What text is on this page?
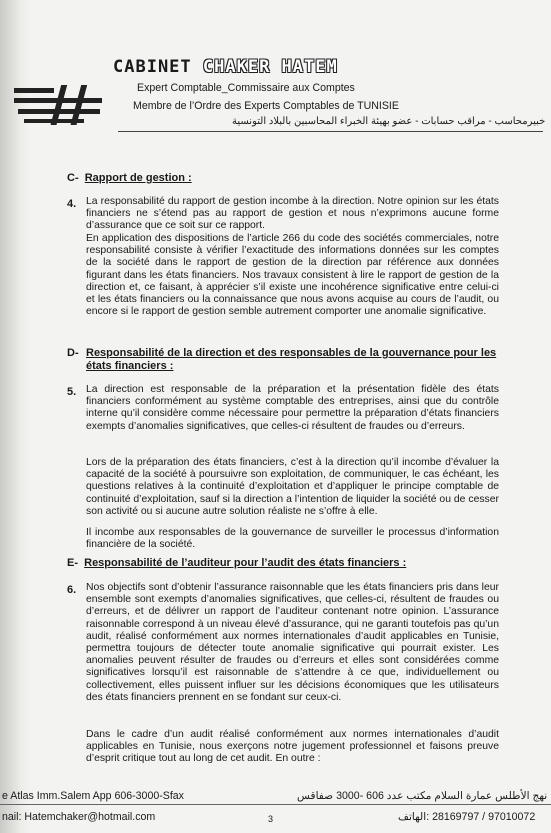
CABINET CHAKER HATEM
Expert Comptable_Commissaire aux Comptes
Membre de l’Ordre des Experts Comptables de TUNISIE
خبيرمحاسب - مراقب حسابات - عضو بهيئة الخبراء المحاسبين بالبلاد التونسية
C- Rapport de gestion :
4. La responsabilité du rapport de gestion incombe à la direction. Notre opinion sur les états financiers ne s’étend pas au rapport de gestion et nous n’exprimons aucune forme d’assurance que ce soit sur ce rapport.
En application des dispositions de l’article 266 du code des sociétés commerciales, notre responsabilité consiste à vérifier l’exactitude des informations données sur les comptes de la société dans le rapport de gestion de la direction par référence aux données figurant dans les états financiers. Nos travaux consistent à lire le rapport de gestion de la direction et, ce faisant, à apprécier s’il existe une incohérence significative entre celui-ci et les états financiers ou la connaissance que nous avons acquise au cours de l’audit, ou encore si le rapport de gestion semble autrement comporter une anomalie significative.
D- Responsabilité de la direction et des responsables de la gouvernance pour les états financiers :
5. La direction est responsable de la préparation et la présentation fidèle des états financiers conformément au système comptable des entreprises, ainsi que du contrôle interne qu’il considère comme nécessaire pour permettre la préparation d’états financiers exempts d’anomalies significatives, que celles-ci résultent de fraudes ou d’erreurs.
Lors de la préparation des états financiers, c’est à la direction qu’il incombe d’évaluer la capacité de la société à poursuivre son exploitation, de communiquer, le cas échéant, les questions relatives à la continuité d’exploitation et d’appliquer le principe comptable de continuité d’exploitation, sauf si la direction a l’intention de liquider la société ou de cesser son activité ou si aucune autre solution réaliste ne s’offre à elle.
Il incombe aux responsables de la gouvernance de surveiller le processus d’information financière de la société.
E- Responsabilité de l’auditeur pour l’audit des états financiers :
6. Nos objectifs sont d’obtenir l’assurance raisonnable que les états financiers pris dans leur ensemble sont exempts d’anomalies significatives, que celles-ci, résultent de fraudes ou d’erreurs, et de délivrer un rapport de l’auditeur contenant notre opinion. L’assurance raisonnable correspond à un niveau élevé d’assurance, qui ne garanti toutefois pas qu’un audit, réalisé conformément aux normes internationales d’audit applicables en Tunisie, permettra toujours de détecter toute anomalie significative qui pourrait exister. Les anomalies peuvent résulter de fraudes ou d’erreurs et elles sont considérées comme significatives lorsqu’il est raisonnable de s’attendre à ce que, individuellement ou collectivement, elles puissent influer sur les décisions économiques que les utilisateurs des états financiers prennent en se fondant sur ceux-ci.
Dans le cadre d’un audit réalisé conformément aux normes internationales d’audit applicables en Tunisie, nous exerçons notre jugement professionnel et faisons preuve d’esprit critique tout au long de cet audit. En outre :
e Atlas Imm.Salem App 606-3000-Sfax	نهج الأطلس عمارة السلام مكتب عدد 606 -3000 صفاقس
nail: Hatemchaker@hotmail.com	3	97010072 / 28169797 :الهاتف
